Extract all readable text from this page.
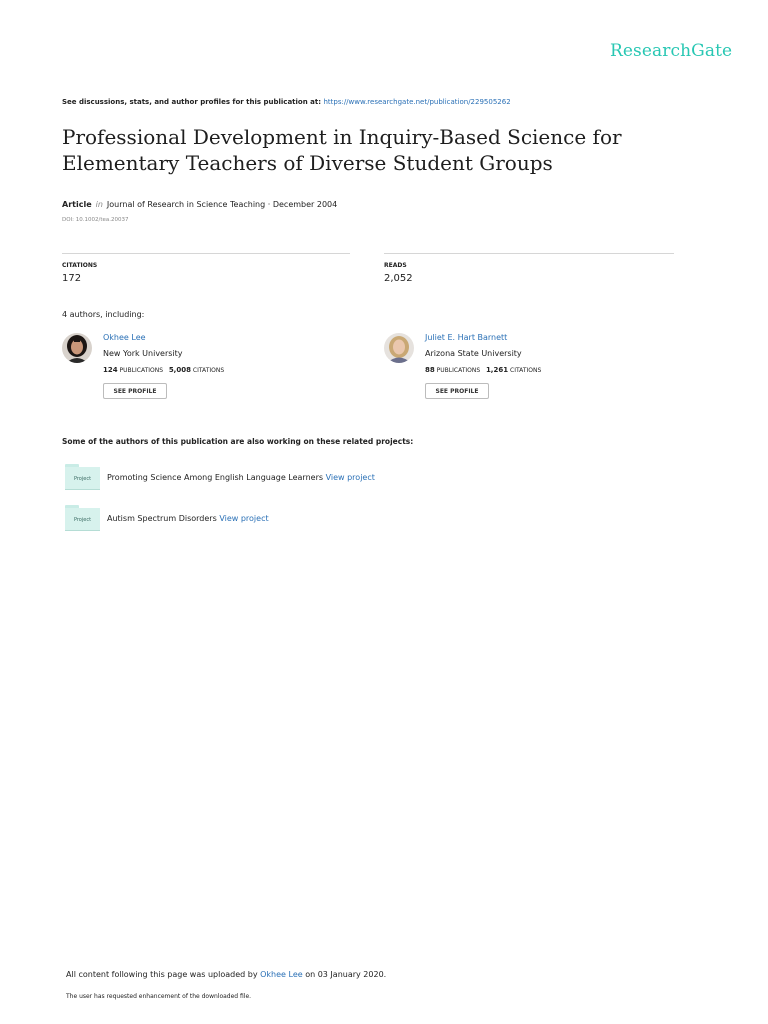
ResearchGate
See discussions, stats, and author profiles for this publication at: https://www.researchgate.net/publication/229505262
Professional Development in Inquiry-Based Science for Elementary Teachers of Diverse Student Groups
Article in Journal of Research in Science Teaching · December 2004
DOI: 10.1002/tea.20037
CITATIONS
172
READS
2,052
4 authors, including:
Okhee Lee
New York University
124 PUBLICATIONS 5,008 CITATIONS
SEE PROFILE
Juliet E. Hart Barnett
Arizona State University
88 PUBLICATIONS 1,261 CITATIONS
SEE PROFILE
Some of the authors of this publication are also working on these related projects:
Project	Promoting Science Among English Language Learners View project
Project	Autism Spectrum Disorders View project
All content following this page was uploaded by Okhee Lee on 03 January 2020.
The user has requested enhancement of the downloaded file.
